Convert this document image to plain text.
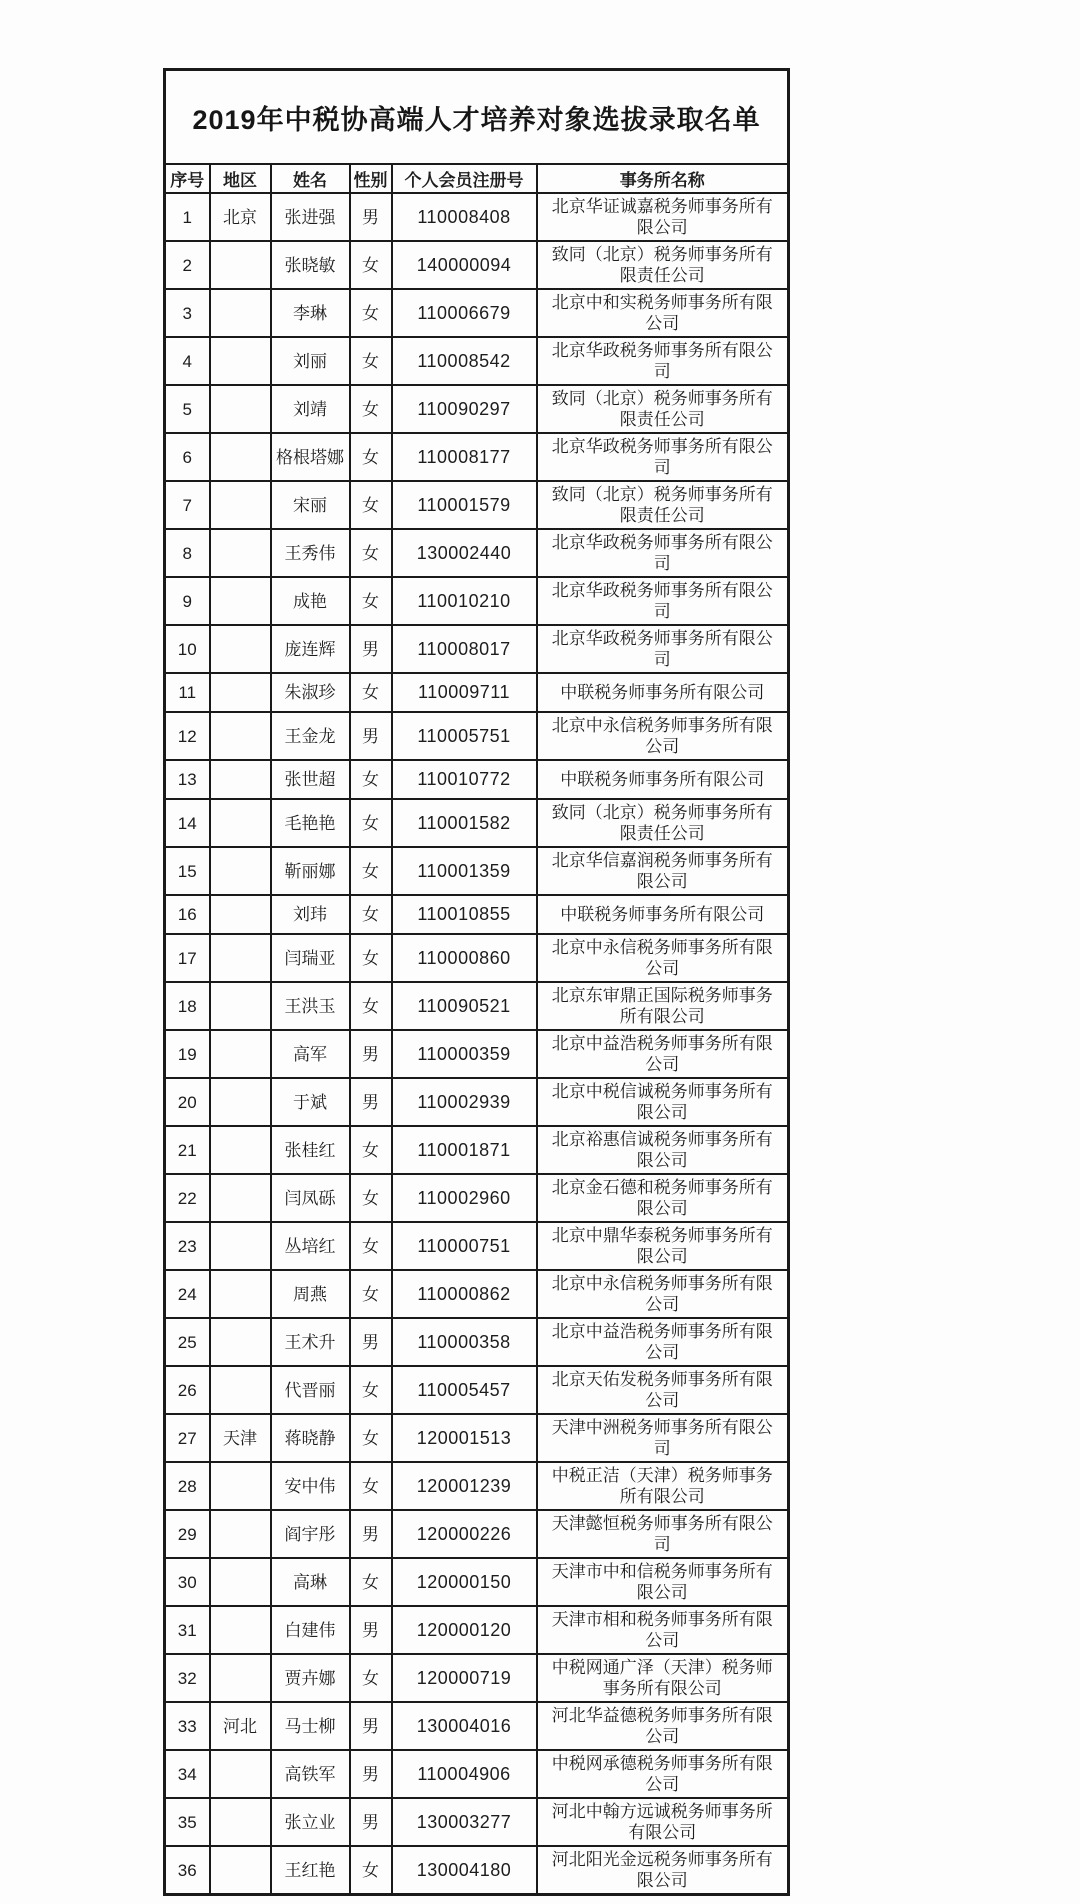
2019年中税协高端人才培养对象选拔录取名单					
序号	地区	姓名	性别	个人会员注册号	事务所名称
1	北京	张进强	男	110008408	北京华证诚嘉税务师事务所有限公司
2		张晓敏	女	140000094	致同（北京）税务师事务所有限责任公司
3		李琳	女	110006679	北京中和实税务师事务所有限公司
4		刘丽	女	110008542	北京华政税务师事务所有限公司
5		刘靖	女	110090297	致同（北京）税务师事务所有限责任公司
6		格根塔娜	女	110008177	北京华政税务师事务所有限公司
7		宋丽	女	110001579	致同（北京）税务师事务所有限责任公司
8		王秀伟	女	130002440	北京华政税务师事务所有限公司
9		成艳	女	110010210	北京华政税务师事务所有限公司
10		庞连辉	男	110008017	北京华政税务师事务所有限公司
11		朱淑珍	女	110009711	中联税务师事务所有限公司
12		王金龙	男	110005751	北京中永信税务师事务所有限公司
13		张世超	女	110010772	中联税务师事务所有限公司
14		毛艳艳	女	110001582	致同（北京）税务师事务所有限责任公司
15		靳丽娜	女	110001359	北京华信嘉润税务师事务所有限公司
16		刘玮	女	110010855	中联税务师事务所有限公司
17		闫瑞亚	女	110000860	北京中永信税务师事务所有限公司
18		王洪玉	女	110090521	北京东审鼎正国际税务师事务所有限公司
19		高军	男	110000359	北京中益浩税务师事务所有限公司
20		于斌	男	110002939	北京中税信诚税务师事务所有限公司
21		张桂红	女	110001871	北京裕惠信诚税务师事务所有限公司
22		闫凤砾	女	110002960	北京金石德和税务师事务所有限公司
23		丛培红	女	110000751	北京中鼎华泰税务师事务所有限公司
24		周燕	女	110000862	北京中永信税务师事务所有限公司
25		王术升	男	110000358	北京中益浩税务师事务所有限公司
26		代晋丽	女	110005457	北京天佑发税务师事务所有限公司
27	天津	蒋晓静	女	120001513	天津中洲税务师事务所有限公司
28		安中伟	女	120001239	中税正洁（天津）税务师事务所有限公司
29		阎宇彤	男	120000226	天津懿恒税务师事务所有限公司
30		高琳	女	120000150	天津市中和信税务师事务所有限公司
31		白建伟	男	120000120	天津市相和税务师事务所有限公司
32		贾卉娜	女	120000719	中税网通广泽（天津）税务师事务所有限公司
33	河北	马士柳	男	130004016	河北华益德税务师事务所有限公司
34		高铁军	男	110004906	中税网承德税务师事务所有限公司
35		张立业	男	130003277	河北中翰方远诚税务师事务所有限公司
36		王红艳	女	130004180	河北阳光金远税务师事务所有限公司
